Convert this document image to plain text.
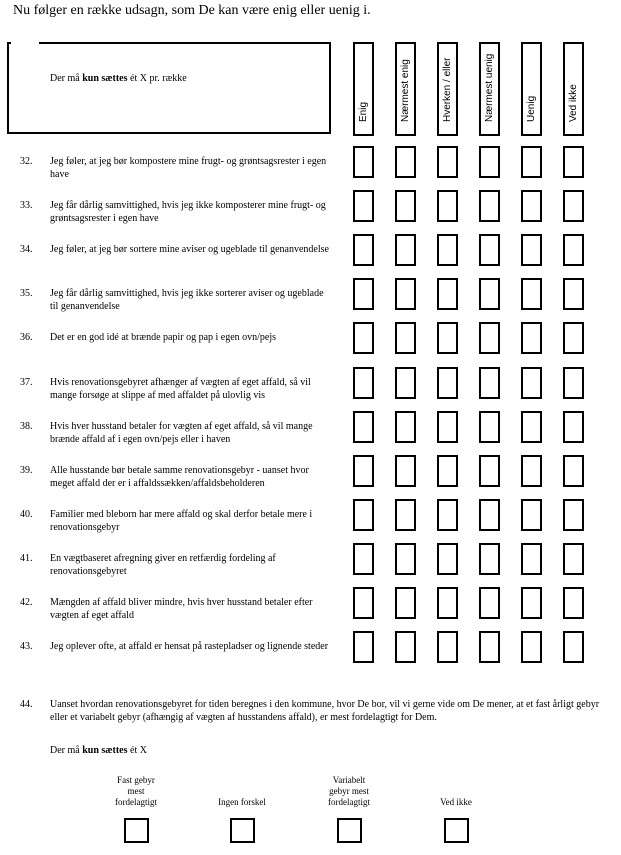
Nu følger en række udsagn, som De kan være enig eller uenig i.
Der må kun sættes ét X pr. række
Enig	Nærmest enig	Hverken / eller	Nærmest uenig	Uenig	Ved ikke
32. Jeg føler, at jeg bør kompostere mine frugt- og grøntsagsrester i egen have
33. Jeg får dårlig samvittighed, hvis jeg ikke komposterer mine frugt- og grøntsagsrester i egen have
34. Jeg føler, at jeg bør sortere mine aviser og ugeblade til genanvendelse
35. Jeg får dårlig samvittighed, hvis jeg ikke sorterer aviser og ugeblade til genanvendelse
36. Det er en god idé at brænde papir og pap i egen ovn/pejs
37. Hvis renovationsgebyret afhænger af vægten af eget affald, så vil mange forsøge at slippe af med affaldet på ulovlig vis
38. Hvis hver husstand betaler for vægten af eget affald, så vil mange brænde affald af i egen ovn/pejs eller i haven
39. Alle husstande bør betale samme renovationsgebyr - uanset hvor meget affald der er i affaldssækken/affaldsbeholderen
40. Familier med bleborn har mere affald og skal derfor betale mere i renovationsgebyr
41. En vægtbaseret afregning giver en retfærdig fordeling af renovationsgebyret
42. Mængden af affald bliver mindre, hvis hver husstand betaler efter vægten af eget affald
43. Jeg oplever ofte, at affald er hensat på rastepladser og lignende steder
44. Uanset hvordan renovationsgebyret for tiden beregnes i den kommune, hvor De bor, vil vi gerne vide om De mener, at et fast årligt gebyr eller et variabelt gebyr (afhængig af vægten af husstandens affald), er mest fordelagtigt for Dem.
Der må kun sættes ét X
Fast gebyr
mest
fordelagtigt	Ingen forskel
Variabelt
gebyr mest
fordelagtigt	Ved ikke
